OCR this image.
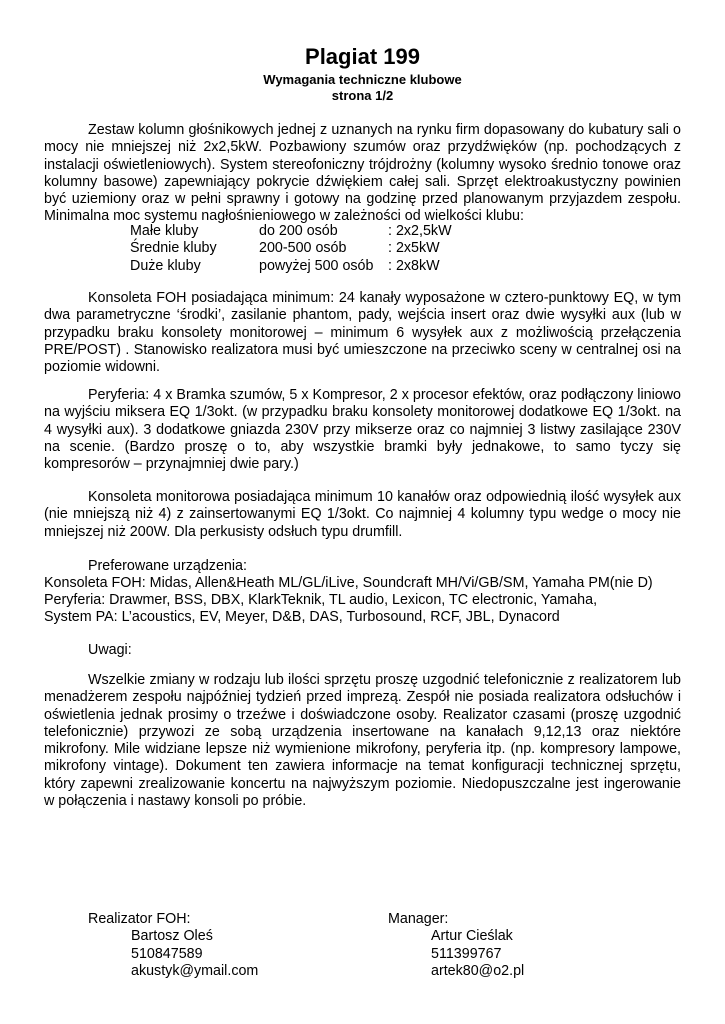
Plagiat 199
Wymagania techniczne klubowe
strona 1/2

Zestaw kolumn głośnikowych jednej z uznanych na rynku firm dopasowany do kubatury sali o mocy nie mniejszej niż 2x2,5kW. Pozbawiony szumów oraz przydźwięków (np. pochodzących z instalacji oświetleniowych). System stereofoniczny trójdrożny (kolumny wysoko średnio tonowe oraz kolumny basowe) zapewniający pokrycie dźwiękiem całej sali. Sprzęt elektroakustyczny powinien być uziemiony oraz w pełni sprawny i gotowy na godzinę przed planowanym przyjazdem zespołu. Minimalna moc systemu nagłośnieniowego w zależności od wielkości klubu:

Małe kluby	do 200 osób	: 2x2,5kW
Średnie kluby	200-500 osób	: 2x5kW
Duże kluby	powyżej 500 osób : 2x8kW

Konsoleta FOH posiadająca minimum: 24 kanały wyposażone w cztero-punktowy EQ, w tym dwa parametryczne ‘środki’, zasilanie phantom, pady, wejścia insert oraz dwie wysyłki aux (lub w przypadku braku konsolety monitorowej – minimum 6 wysyłek aux z możliwością przełączenia PRE/POST) . Stanowisko realizatora musi być umieszczone na przeciwko sceny w centralnej osi na poziomie widowni.

Peryferia: 4 x Bramka szumów, 5 x Kompresor, 2 x procesor efektów, oraz podłączony liniowo na wyjściu miksera EQ 1/3okt. (w przypadku braku konsolety monitorowej dodatkowe EQ 1/3okt. na 4 wysyłki aux). 3 dodatkowe gniazda 230V przy mikserze oraz co najmniej 3 listwy zasilające 230V na scenie. (Bardzo proszę o to, aby wszystkie bramki były jednakowe, to samo tyczy się kompresorów – przynajmniej dwie pary.)

Konsoleta monitorowa posiadająca minimum 10 kanałów oraz odpowiednią ilość wysyłek aux (nie mniejszą niż 4) z zainsertowanymi EQ 1/3okt. Co najmniej 4 kolumny typu wedge o mocy nie mniejszej niż 200W. Dla perkusisty odsłuch typu drumfill.

Preferowane urządzenia:

Konsoleta FOH: Midas, Allen&Heath ML/GL/iLive, Soundcraft MH/Vi/GB/SM, Yamaha PM(nie D)

Peryferia: Drawmer, BSS, DBX, KlarkTeknik, TL audio, Lexicon, TC electronic, Yamaha,

System PA: L’acoustics, EV, Meyer, D&B, DAS, Turbosound, RCF, JBL, Dynacord

Uwagi:

Wszelkie zmiany w rodzaju lub ilości sprzętu proszę uzgodnić telefonicznie z realizatorem lub menadżerem zespołu najpóźniej tydzień przed imprezą. Zespół nie posiada realizatora odsłuchów i oświetlenia jednak prosimy o trzeźwe i doświadczone osoby. Realizator czasami (proszę uzgodnić telefonicznie) przywozi ze sobą urządzenia insertowane na kanałach 9,12,13 oraz niektóre mikrofony. Mile widziane lepsze niż wymienione mikrofony, peryferia itp. (np. kompresory lampowe, mikrofony vintage). Dokument ten zawiera informacje na temat konfiguracji technicznej sprzętu, który zapewni zrealizowanie koncertu na najwyższym poziomie. Niedopuszczalne jest ingerowanie w połączenia i nastawy konsoli po próbie.

Realizator FOH:
Bartosz Oleś
510847589
akustyk@ymail.com
Manager:
Artur Cieślak
511399767
artek80@o2.pl
